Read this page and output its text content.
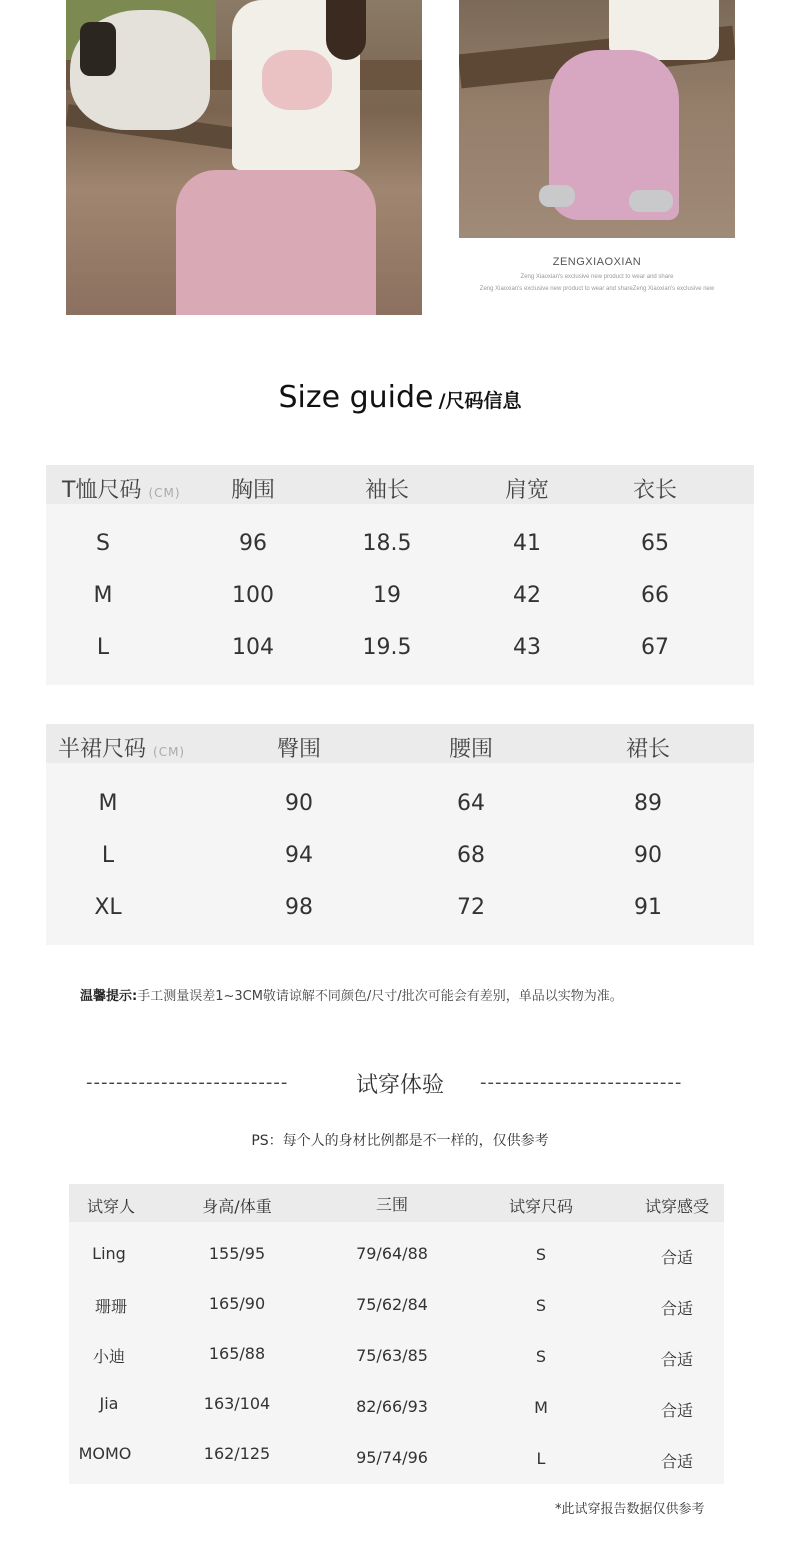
ZENGXIAOXIAN
Zeng Xiaoxian's exclusive new product to wear and share
Zeng Xiaoxian's exclusive new product to wear and shareZeng Xiaoxian's exclusive new
Size guide /尺码信息
T恤尺码 (CM) 胸围	袖长	肩宽	衣长
S	96	18.5	41	65
M	100	19	42	66
L	104	19.5	43	67
半裙尺码 (CM)	臀围	腰围	裙长
M	90	64	89
L	94	68	90
XL	98	72	91
温馨提示:手工测量误差1~3CM敬请谅解不同颜色/尺寸/批次可能会有差别，单品以实物为准。
---------------------------	试穿体验	---------------------------
PS：每个人的身材比例都是不一样的，仅供参考
试穿人	身高/体重	三围	试穿尺码	试穿感受
Ling	155/95	79/64/88	S	合适
珊珊	165/90	75/62/84	S	合适
小迪	165/88	75/63/85	S	合适
Jia	163/104	82/66/93	M	合适
MOMO	162/125	95/74/96	L	合适
*此试穿报告数据仅供参考
